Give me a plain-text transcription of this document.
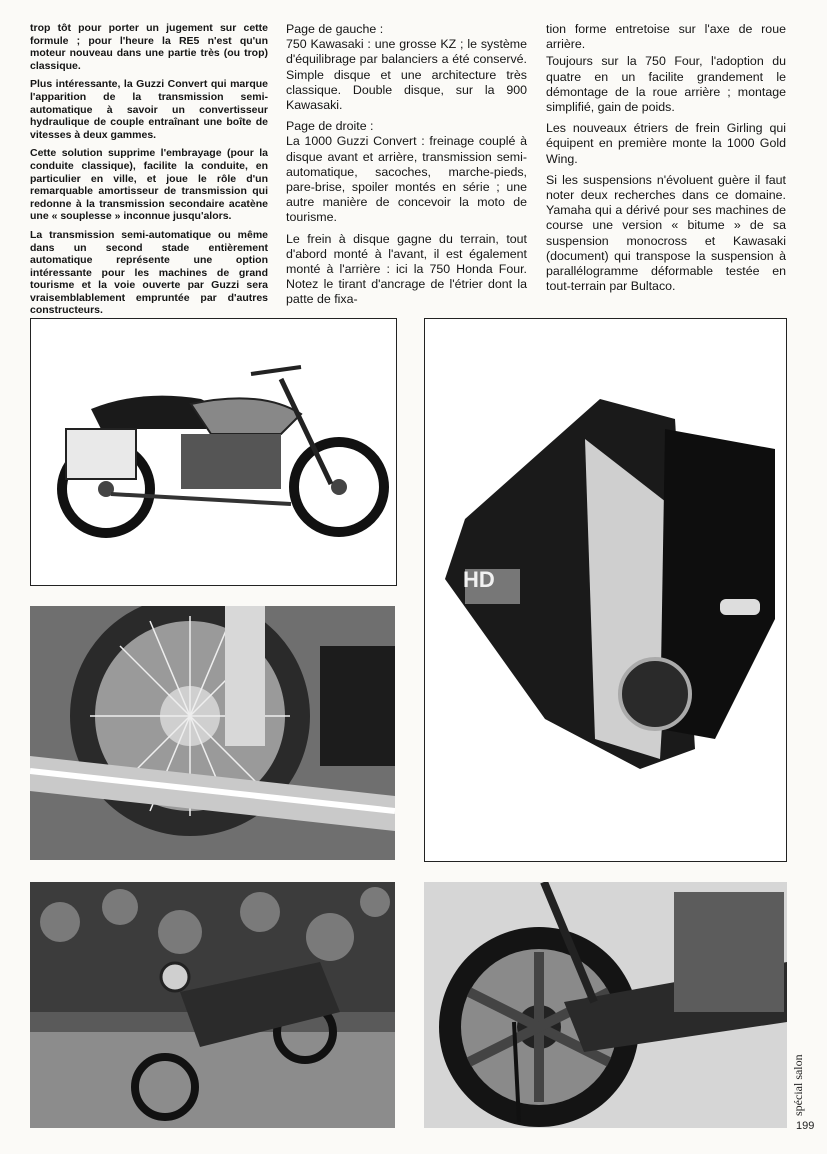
trop tôt pour porter un jugement sur cette formule ; pour l'heure la RE5 n'est qu'un moteur nouveau dans une partie très (ou trop) classique.

Plus intéressante, la Guzzi Convert qui marque l'apparition de la transmission semi-automatique à savoir un convertisseur hydraulique de couple entraînant une boîte de vitesses à deux gammes.

Cette solution supprime l'embrayage (pour la conduite classique), facilite la conduite, en particulier en ville, et joue le rôle d'un remarquable amortisseur de transmission qui redonne à la transmission secondaire acatène une « souplesse » inconnue jusqu'alors.

La transmission semi-automatique ou même dans un second stade entièrement automatique représente une option intéressante pour les machines de grand tourisme et la voie ouverte par Guzzi sera vraisemblablement empruntée par d'autres constructeurs.

Page de gauche :

750 Kawasaki : une grosse KZ ; le système d'équilibrage par balanciers a été conservé. Simple disque et une architecture très classique. Double disque, sur la 900 Kawasaki.

Page de droite :

La 1000 Guzzi Convert : freinage couplé à disque avant et arrière, transmission semi-automatique, sacoches, marche-pieds, pare-brise, spoiler montés en série ; une autre manière de concevoir la moto de tourisme.

Le frein à disque gagne du terrain, tout d'abord monté à l'avant, il est également monté à l'arrière : ici la 750 Honda Four. Notez le tirant d'ancrage de l'étrier dont la patte de fixa-

tion forme entretoise sur l'axe de roue arrière.

Toujours sur la 750 Four, l'adoption du quatre en un facilite grandement le démontage de la roue arrière ; montage simplifié, gain de poids.

Les nouveaux étriers de frein Girling qui équipent en première monte la 1000 Gold Wing.

Si les suspensions n'évoluent guère il faut noter deux recherches dans ce domaine. Yamaha qui a dérivé pour ses machines de course une version « bitume » de sa suspension monocross et Kawasaki (document) qui transpose la suspension à parallélogramme déformable testée en tout-terrain par Bultaco.

HD
spécial salon
199
